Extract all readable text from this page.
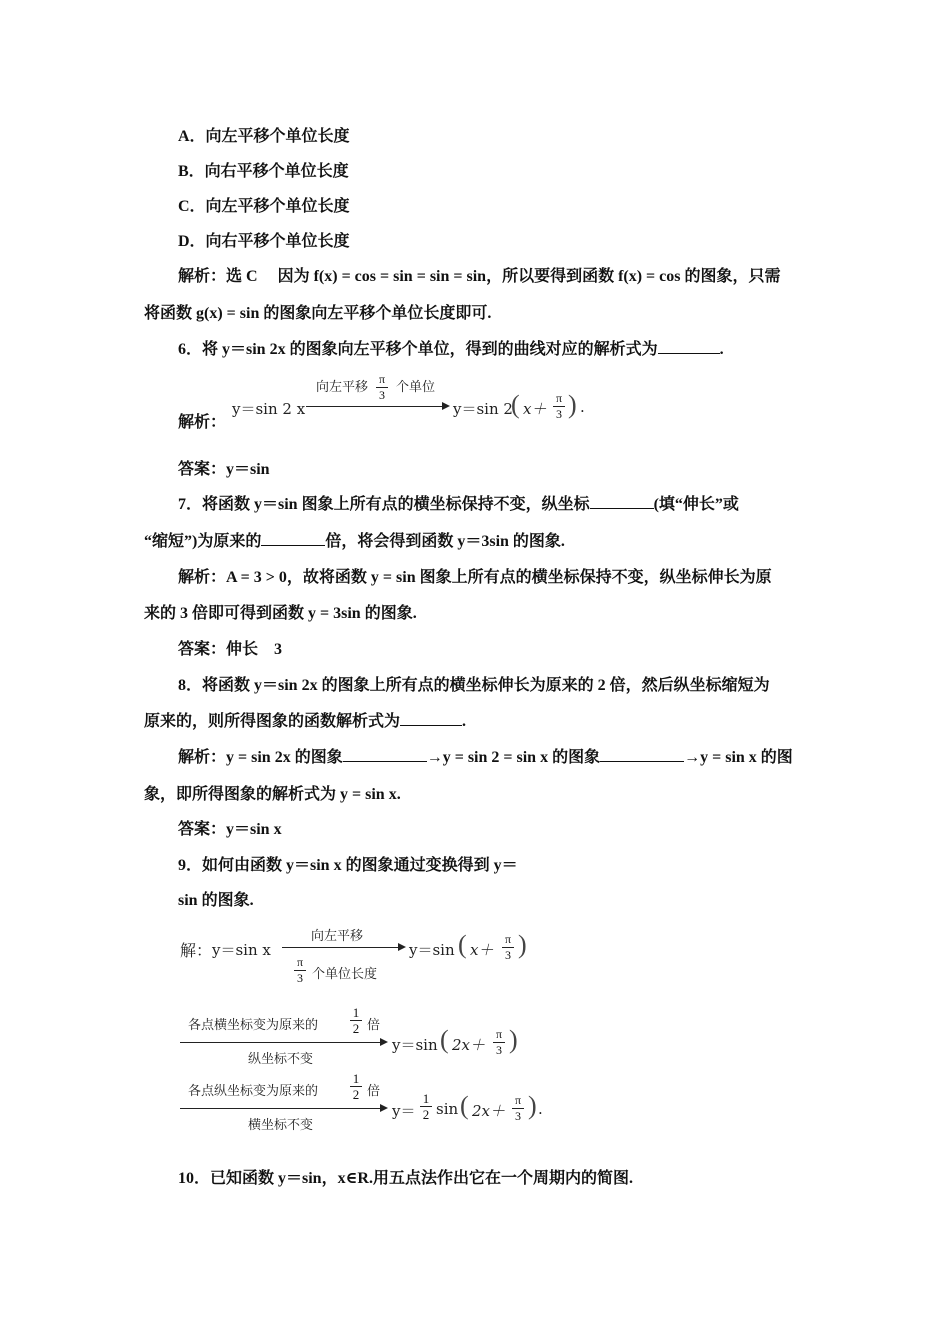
A．向左平移个单位长度
B．向右平移个单位长度
C．向左平移个单位长度
D．向右平移个单位长度
解析：选 C　 因为 f(x) = cos = sin = sin = sin，所以要得到函数 f(x) = cos 的图象，只需
将函数 g(x) = sin 的图象向左平移个单位长度即可.
6．将 y＝sin 2x 的图象向左平移个单位，得到的曲线对应的解析式为	.
解析：
y＝sin 2 x
向左平移
π
3 个单位
y＝sin 2
( x＋
π
3 ) .
答案：y＝sin
7．将函数 y＝sin 图象上所有点的横坐标保持不变，纵坐标	(填“伸长”或
“缩短”)为原来的	倍，将会得到函数 y＝3sin 的图象.
解析：A = 3 > 0，故将函数 y = sin 图象上所有点的横坐标保持不变，纵坐标伸长为原
来的 3 倍即可得到函数 y = 3sin 的图象.
答案：伸长　3
8．将函数 y＝sin 2x 的图象上所有点的横坐标伸长为原来的 2 倍，然后纵坐标缩短为
原来的，则所得图象的函数解析式为	.
解析：y = sin 2x 的图象	→y = sin 2 = sin x 的图象	→y = sin x 的图
象，即所得图象的解析式为 y = sin x.
答案：y＝sin x
9．如何由函数 y＝sin x 的图象通过变换得到 y＝
sin 的图象.
解： y＝sin x
向左平移
π
3 个单位长度
y＝sin ( x＋
π
3 )
各点横坐标变为原来的
1
2 倍
纵坐标不变
y＝sin ( 2x＋
π
3 )
各点纵坐标变为原来的
1
2 倍
横坐标不变
y＝
1
2 sin ( 2x＋
π
3 ) .
10．已知函数 y＝sin，x∈R.用五点法作出它在一个周期内的简图.
